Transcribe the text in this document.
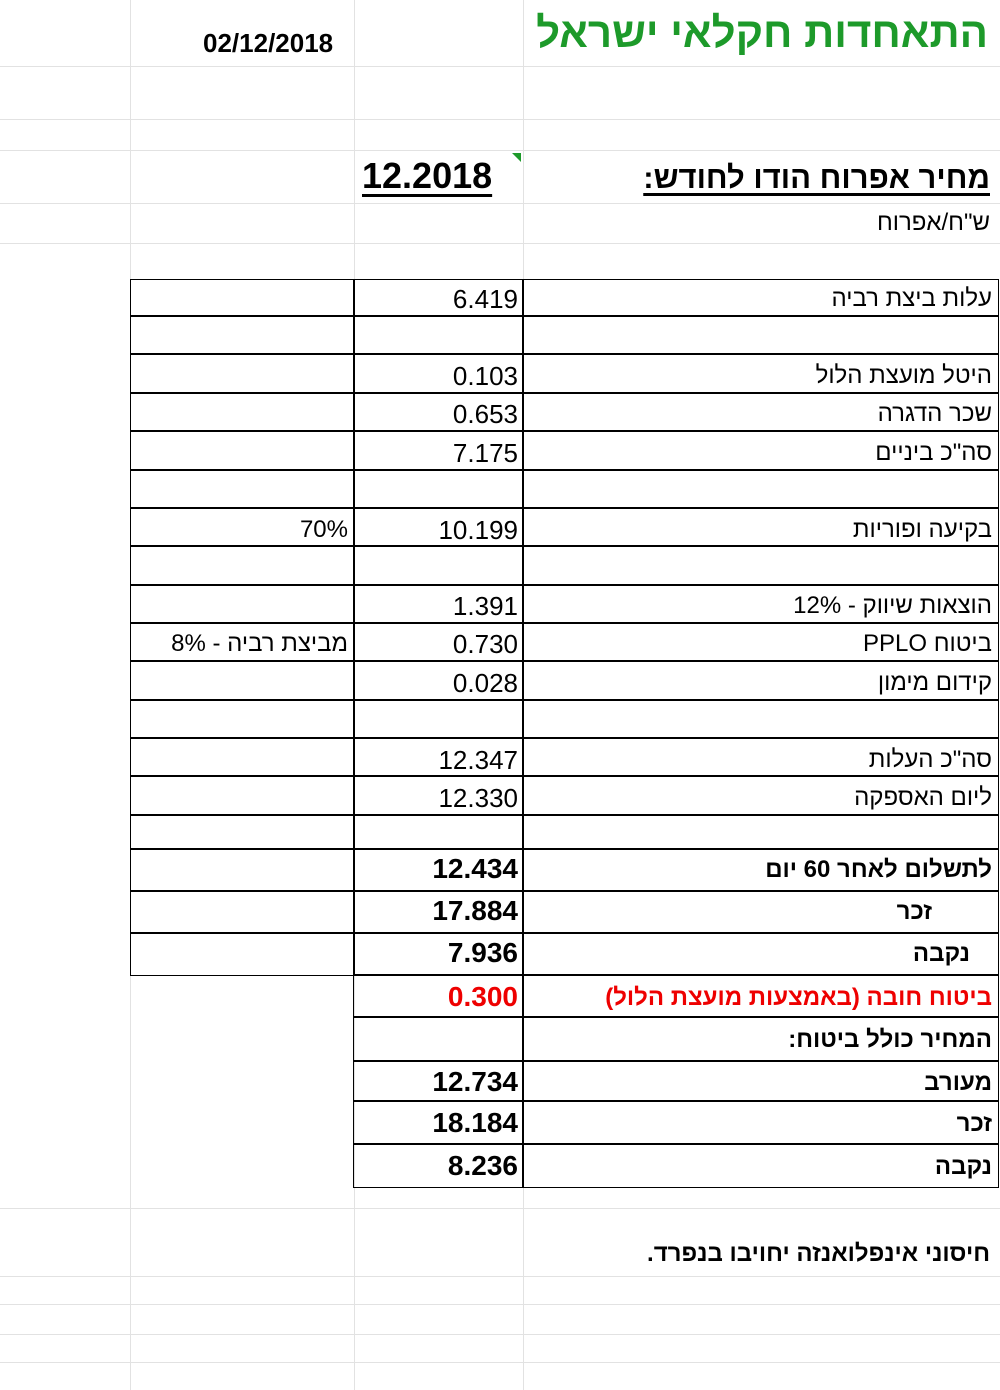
התאחדות חקלאי ישראל
02/12/2018
מחיר אפרוח הודו לחודש:
12.2018
ש"ח/אפרוח
עלות ביצת רביה
היטל מועצת הלול
שכר הדגרה
סה"כ ביניים
בקיעה ופוריות
הוצאות שיווק - 12%
ביטוח PPLO
קידום מימון
סה"כ העלות
ליום האספקה
לתשלום לאחר 60 יום
זכר
נקבה
ביטוח חובה (באמצעות מועצת הלול)
6.419
0.103
0.653
7.175
10.199
1.391
0.730
0.028
12.347
12.330
12.434
17.884
7.936
0.300
70%
מביצת רביה - 8%
המחיר כולל ביטוח:
מעורב
זכר
נקבה
12.734
18.184
8.236
חיסוני אינפלואנזה יחויבו בנפרד.
